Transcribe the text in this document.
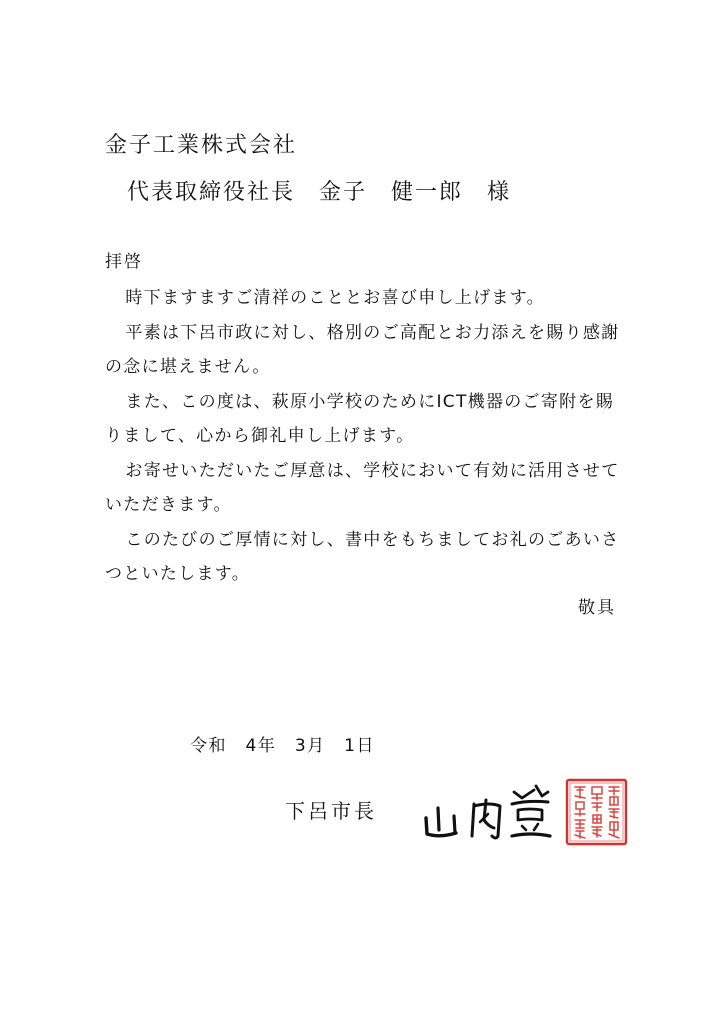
金子工業株式会社
代表取締役社長　金子　健一郎　様
拝啓

時下ますますご清祥のこととお喜び申し上げます。

平素は下呂市政に対し、格別のご高配とお力添えを賜り感謝の念に堪えません。

また、この度は、萩原小学校のためにICT機器のご寄附を賜りまして、心から御礼申し上げます。

お寄せいただいたご厚意は、学校において有効に活用させていただきます。

このたびのご厚情に対し、書中をもちましてお礼のごあいさつといたします。

敬具
令和　4年　3月　1日
下呂市長
